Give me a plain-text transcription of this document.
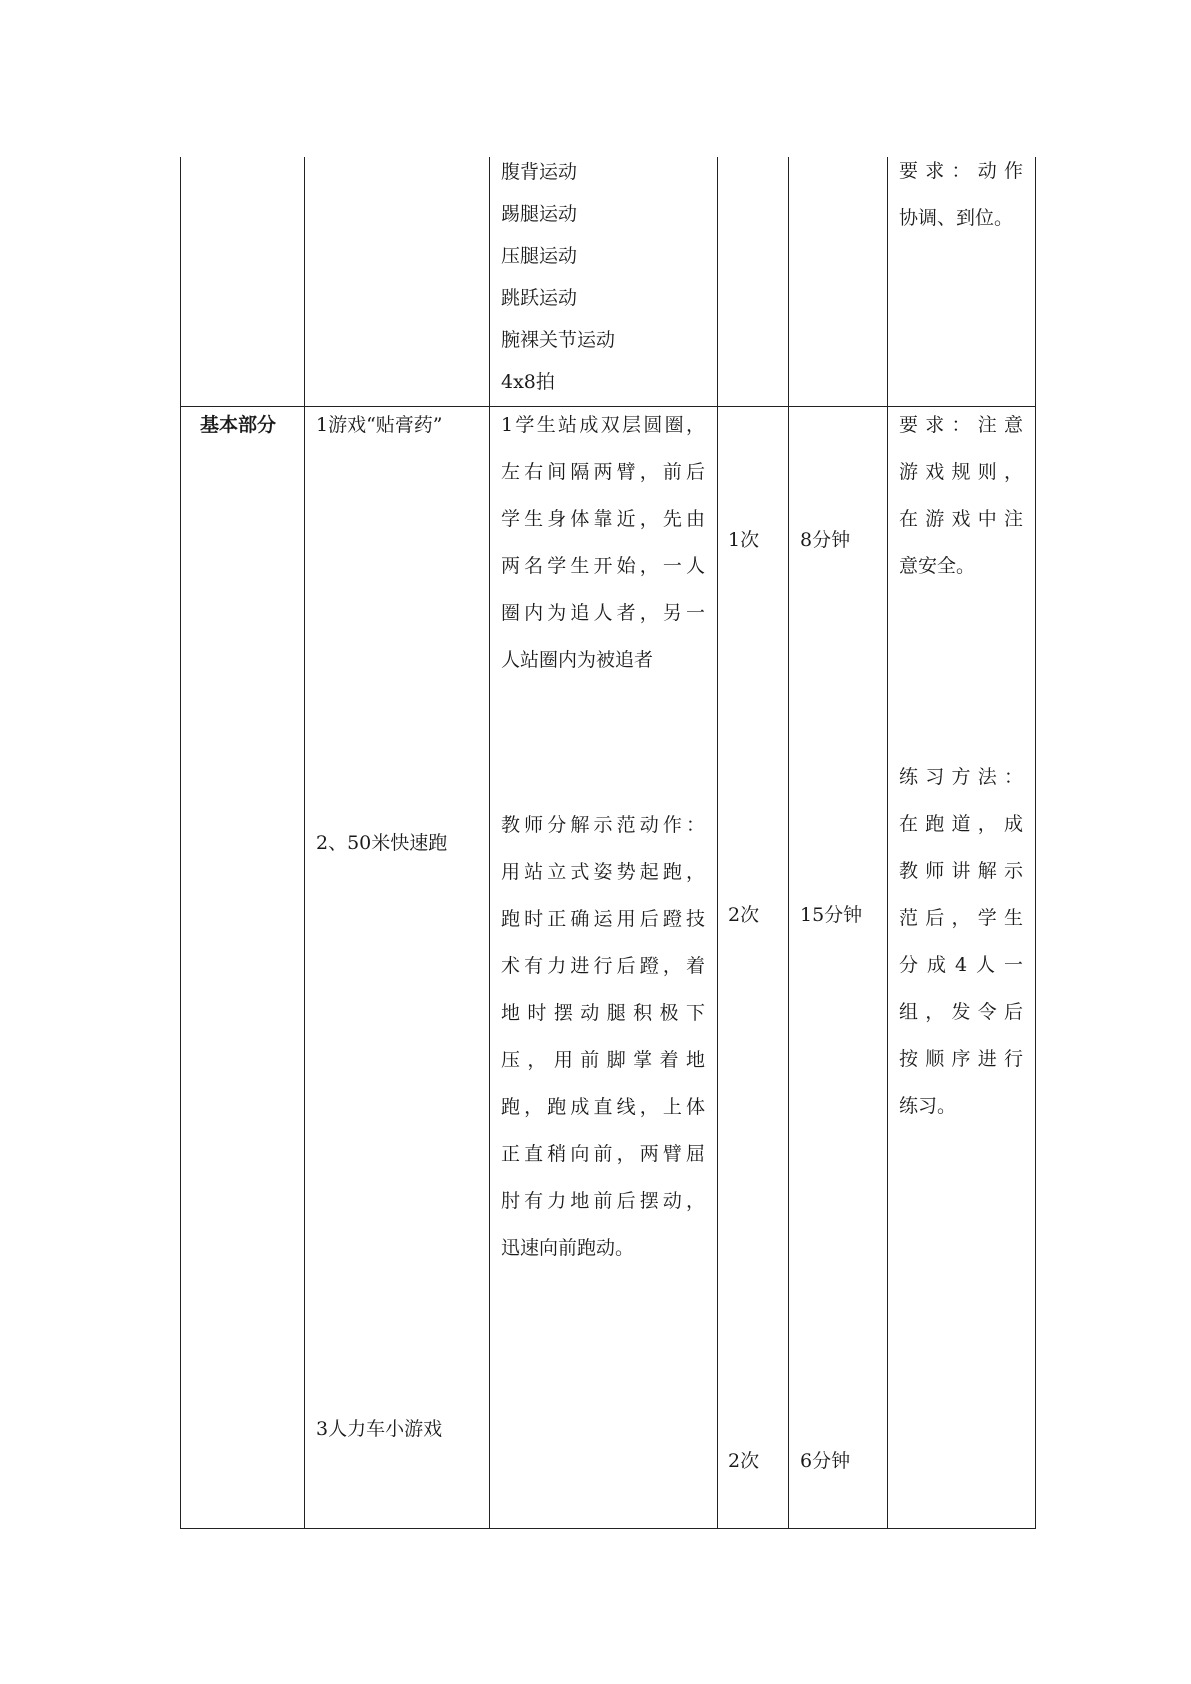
腹背运动
踢腿运动
压腿运动
跳跃运动
腕裸关节运动
4x8拍
要求：动作
协调、到位。
基本部分 1游戏“贴膏药”
2、50米快速跑
3人力车小游戏
1学生站成双层圆圈，
左右间隔两臂，前后
学生身体靠近，先由
两名学生开始，一人
圈内为追人者，另一
人站圈内为被追者
教师分解示范动作：
用站立式姿势起跑，
跑时正确运用后蹬技
术有力进行后蹬，着
地时摆动腿积极下
压，用前脚掌着地
跑，跑成直线，上体
正直稍向前，两臂屈
肘有力地前后摆动，
迅速向前跑动。
1次 8分钟
2次 15分钟
2次 6分钟
要求：注意
游戏规则，
在游戏中注
意安全。
练习方法：
在跑道，成
教师讲解示
范后，学生
分成4人一
组，发令后
按顺序进行
练习。
